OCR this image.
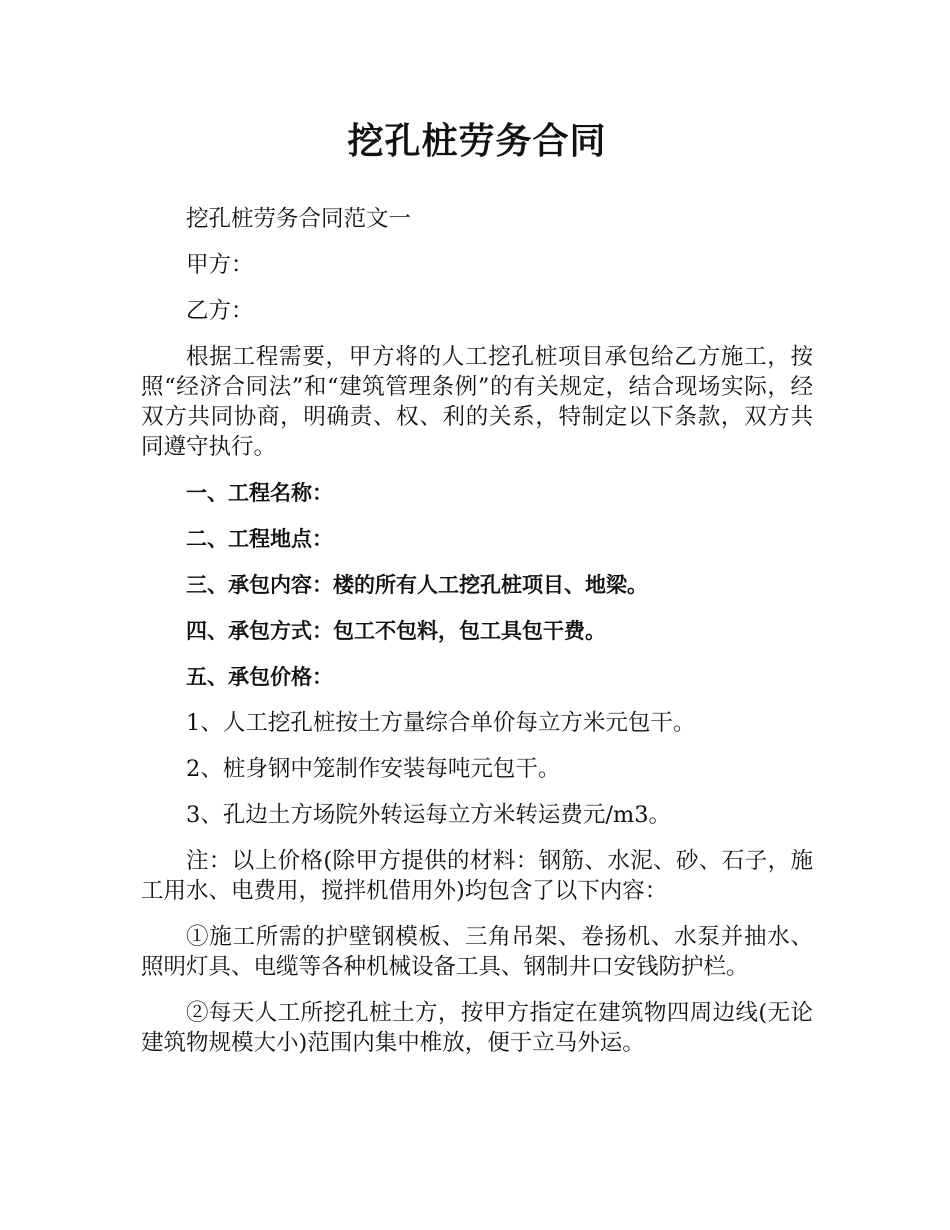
挖孔桩劳务合同

挖孔桩劳务合同范文一

甲方：

乙方：

根据工程需要，甲方将的人工挖孔桩项目承包给乙方施工，按照“经济合同法”和“建筑管理条例”的有关规定，结合现场实际，经双方共同协商，明确责、权、利的关系，特制定以下条款，双方共同遵守执行。

一、工程名称：

二、工程地点：

三、承包内容：楼的所有人工挖孔桩项目、地梁。

四、承包方式：包工不包料，包工具包干费。

五、承包价格：

1、人工挖孔桩按土方量综合单价每立方米元包干。

2、桩身钢中笼制作安装每吨元包干。

3、孔边土方场院外转运每立方米转运费元/m3。

注：以上价格(除甲方提供的材料：钢筋、水泥、砂、石子，施工用水、电费用，搅拌机借用外)均包含了以下内容：

①施工所需的护壁钢模板、三角吊架、卷扬机、水泵并抽水、照明灯具、电缆等各种机械设备工具、钢制井口安钱防护栏。

②每天人工所挖孔桩土方，按甲方指定在建筑物四周边线(无论建筑物规模大小)范围内集中椎放，便于立马外运。
